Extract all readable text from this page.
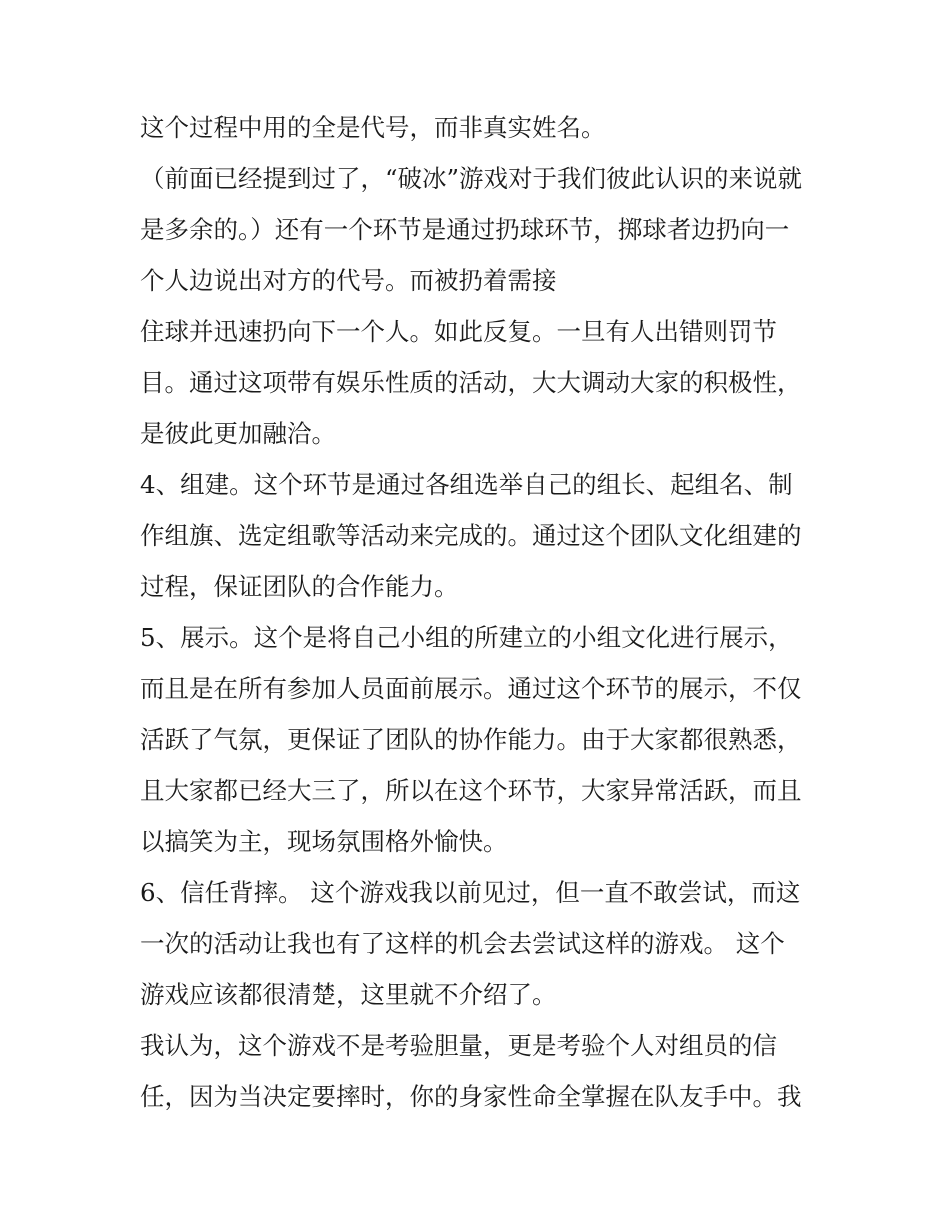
这个过程中用的全是代号，而非真实姓名。
（前面已经提到过了，“破冰”游戏对于我们彼此认识的来说就
是多余的。）还有一个环节是通过扔球环节，掷球者边扔向一
个人边说出对方的代号。而被扔着需接
住球并迅速扔向下一个人。如此反复。一旦有人出错则罚节
目。通过这项带有娱乐性质的活动，大大调动大家的积极性，
是彼此更加融洽。
4、组建。这个环节是通过各组选举自己的组长、起组名、制
作组旗、选定组歌等活动来完成的。通过这个团队文化组建的
过程，保证团队的合作能力。
5、展示。这个是将自己小组的所建立的小组文化进行展示，
而且是在所有参加人员面前展示。通过这个环节的展示，不仅
活跃了气氛，更保证了团队的协作能力。由于大家都很熟悉，
且大家都已经大三了，所以在这个环节，大家异常活跃，而且
以搞笑为主，现场氛围格外愉快。
6、信任背摔。 这个游戏我以前见过，但一直不敢尝试，而这
一次的活动让我也有了这样的机会去尝试这样的游戏。 这个
游戏应该都很清楚，这里就不介绍了。
我认为，这个游戏不是考验胆量，更是考验个人对组员的信
任，因为当决定要摔时，你的身家性命全掌握在队友手中。我
